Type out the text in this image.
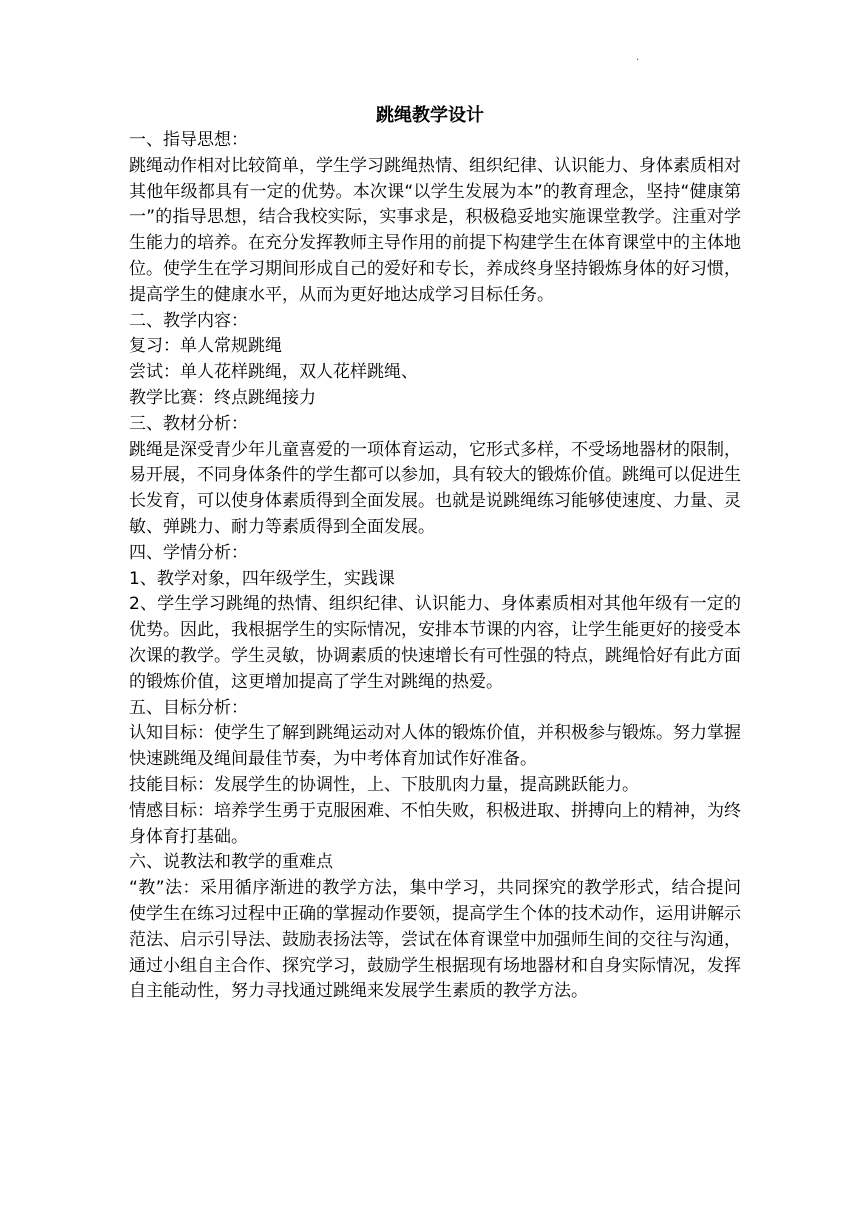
.
跳绳教学设计

一、指导思想：

跳绳动作相对比较简单，学生学习跳绳热情、组织纪律、认识能力、身体素质相对其他年级都具有一定的优势。本次课“以学生发展为本”的教育理念，坚持“健康第一”的指导思想，结合我校实际，实事求是，积极稳妥地实施课堂教学。注重对学生能力的培养。在充分发挥教师主导作用的前提下构建学生在体育课堂中的主体地位。使学生在学习期间形成自己的爱好和专长，养成终身坚持锻炼身体的好习惯，提高学生的健康水平，从而为更好地达成学习目标任务。

二、教学内容：

复习：单人常规跳绳

尝试：单人花样跳绳，双人花样跳绳、

教学比赛：终点跳绳接力

三、教材分析：

跳绳是深受青少年儿童喜爱的一项体育运动，它形式多样，不受场地器材的限制，易开展，不同身体条件的学生都可以参加，具有较大的锻炼价值。跳绳可以促进生长发育，可以使身体素质得到全面发展。也就是说跳绳练习能够使速度、力量、灵敏、弹跳力、耐力等素质得到全面发展。

四、学情分析：

1、教学对象，四年级学生，实践课

2、学生学习跳绳的热情、组织纪律、认识能力、身体素质相对其他年级有一定的优势。因此，我根据学生的实际情况，安排本节课的内容，让学生能更好的接受本次课的教学。学生灵敏，协调素质的快速增长有可性强的特点，跳绳恰好有此方面的锻炼价值，这更增加提高了学生对跳绳的热爱。

五、目标分析：

认知目标：使学生了解到跳绳运动对人体的锻炼价值，并积极参与锻炼。努力掌握快速跳绳及绳间最佳节奏，为中考体育加试作好准备。

技能目标：发展学生的协调性，上、下肢肌肉力量，提高跳跃能力。

情感目标：培养学生勇于克服困难、不怕失败，积极进取、拼搏向上的精神，为终身体育打基础。

六、说教法和教学的重难点

“教”法：采用循序渐进的教学方法，集中学习，共同探究的教学形式，结合提问使学生在练习过程中正确的掌握动作要领，提高学生个体的技术动作，运用讲解示范法、启示引导法、鼓励表扬法等，尝试在体育课堂中加强师生间的交往与沟通，通过小组自主合作、探究学习，鼓励学生根据现有场地器材和自身实际情况，发挥自主能动性，努力寻找通过跳绳来发展学生素质的教学方法。
